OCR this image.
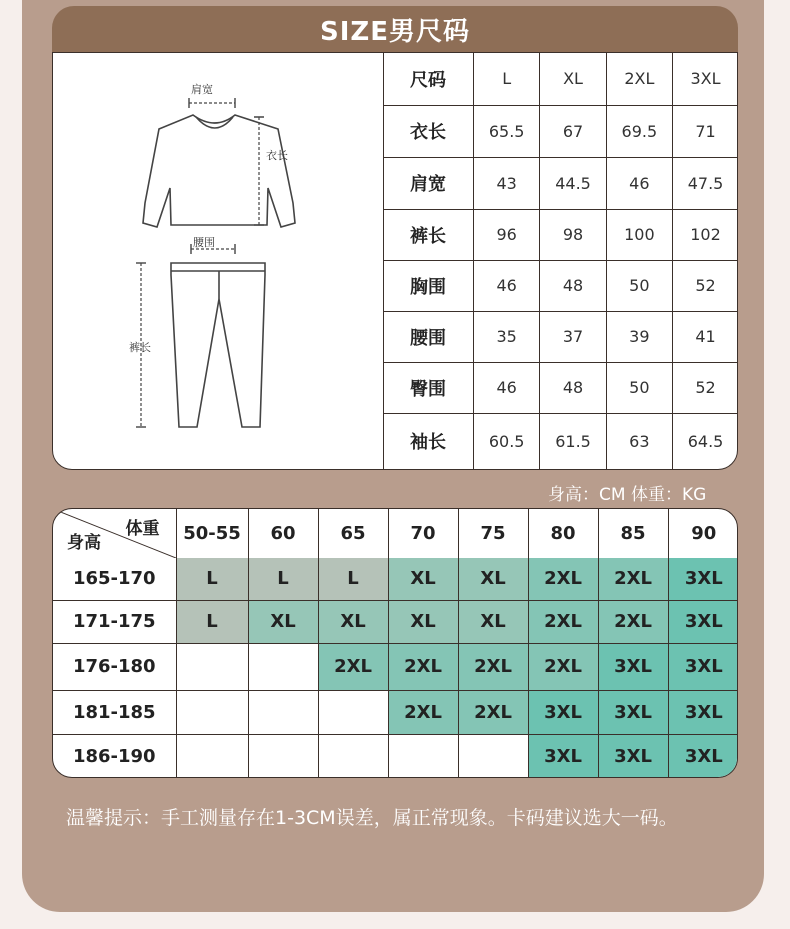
SIZE男尺码
肩宽
衣长
腰围
裤长
尺码	L	XL	2XL	3XL
衣长	65.5	67	69.5	71
肩宽	43	44.5	46	47.5
裤长	96	98	100	102
胸围	46	48	50	52
腰围	35	37	39	41
臀围	46	48	50	52
袖长	60.5	61.5	63	64.5
身高：CM 体重：KG
体重
身高	50-55	60	65	70	75	80	85	90
165-170	L	L	L	XL	XL	2XL	2XL	3XL
171-175	L	XL	XL	XL	XL	2XL	2XL	3XL
176-180			2XL	2XL	2XL	2XL	3XL	3XL
181-185				2XL	2XL	3XL	3XL	3XL
186-190						3XL	3XL	3XL
温馨提示：手工测量存在1-3CM误差，属正常现象。卡码建议选大一码。
